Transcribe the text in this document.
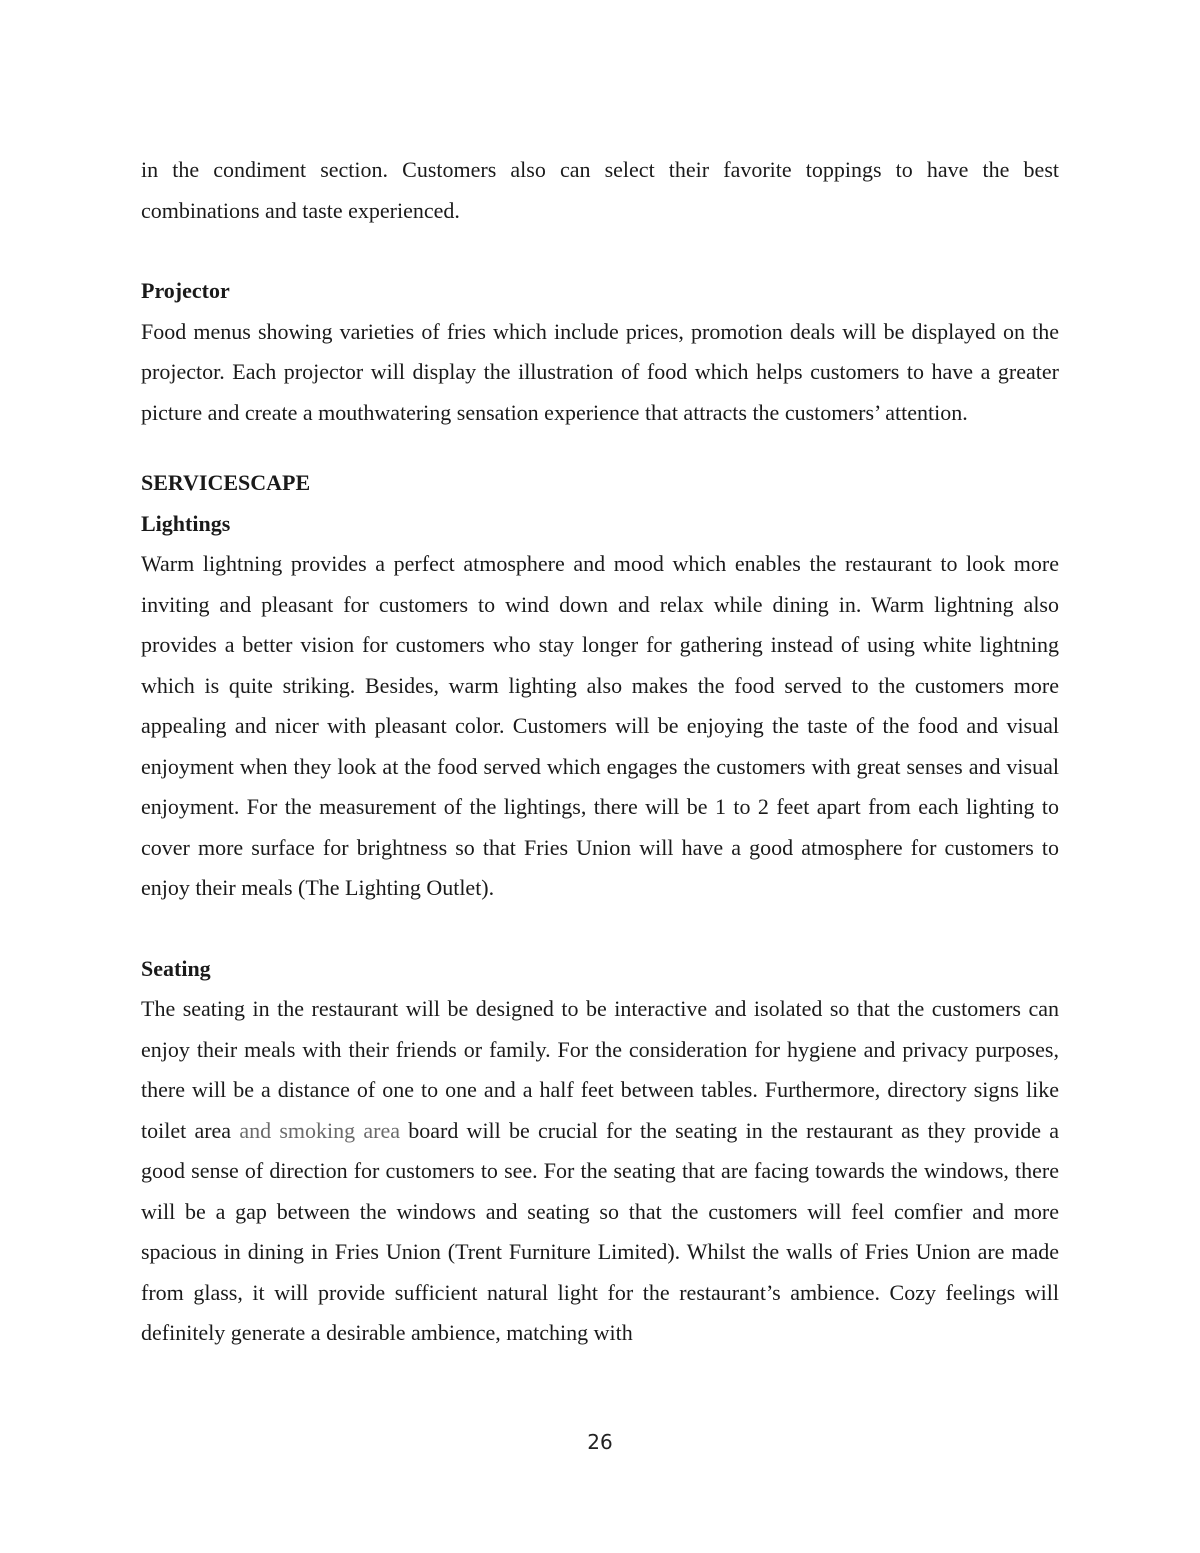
in the condiment section. Customers also can select their favorite toppings to have the best combinations and taste experienced.

Projector

Food menus showing varieties of fries which include prices, promotion deals will be displayed on the projector. Each projector will display the illustration of food which helps customers to have a greater picture and create a mouthwatering sensation experience that attracts the customers’ attention.

SERVICESCAPE
Lightings

Warm lightning provides a perfect atmosphere and mood which enables the restaurant to look more inviting and pleasant for customers to wind down and relax while dining in. Warm lightning also provides a better vision for customers who stay longer for gathering instead of using white lightning which is quite striking. Besides, warm lighting also makes the food served to the customers more appealing and nicer with pleasant color. Customers will be enjoying the taste of the food and visual enjoyment when they look at the food served which engages the customers with great senses and visual enjoyment. For the measurement of the lightings, there will be 1 to 2 feet apart from each lighting to cover more surface for brightness so that Fries Union will have a good atmosphere for customers to enjoy their meals (The Lighting Outlet).

Seating

The seating in the restaurant will be designed to be interactive and isolated so that the customers can enjoy their meals with their friends or family. For the consideration for hygiene and privacy purposes, there will be a distance of one to one and a half feet between tables. Furthermore, directory signs like toilet area and smoking area board will be crucial for the seating in the restaurant as they provide a good sense of direction for customers to see. For the seating that are facing towards the windows, there will be a gap between the windows and seating so that the customers will feel comfier and more spacious in dining in Fries Union (Trent Furniture Limited). Whilst the walls of Fries Union are made from glass, it will provide sufficient natural light for the restaurant’s ambience. Cozy feelings will definitely generate a desirable ambience, matching with

26
